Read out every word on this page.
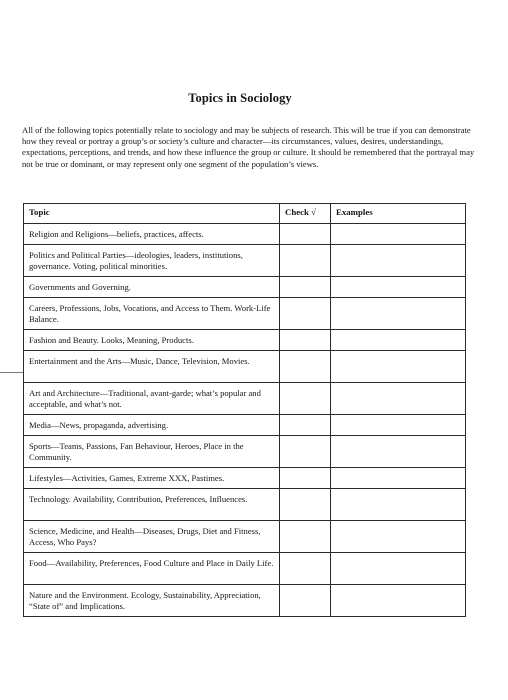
Topics in Sociology
All of the following topics potentially relate to sociology and may be subjects of research. This will be true if you can demonstrate how they reveal or portray a group’s or society’s culture and character—its circumstances, values, desires, understandings, expectations, perceptions, and trends, and how these influence the group or culture. It should be remembered that the portrayal may not be true or dominant, or may represent only one segment of the population’s views.
Topic	Check √	Examples
Religion and Religions—beliefs, practices, affects.		
Politics and Political Parties—ideologies, leaders, institutions, governance. Voting, political minorities.		
Governments and Governing.		
Careers, Professions, Jobs, Vocations, and Access to Them. Work-Life Balance.		
Fashion and Beauty. Looks, Meaning, Products.		
Entertainment and the Arts—Music, Dance, Television, Movies.		
Art and Architecture—Traditional, avant-garde; what’s popular and acceptable, and what’s not.		
Media—News, propaganda, advertising.		
Sports—Teams, Passions, Fan Behaviour, Heroes, Place in the Community.		
Lifestyles—Activities, Games, Extreme XXX, Pastimes.		
Technology. Availability, Contribution, Preferences, Influences.		
Science, Medicine, and Health—Diseases, Drugs, Diet and Fitness, Access, Who Pays?		
Food—Availability, Preferences, Food Culture and Place in Daily Life.		
Nature and the Environment. Ecology, Sustainability, Appreciation, “State of” and Implications.		
